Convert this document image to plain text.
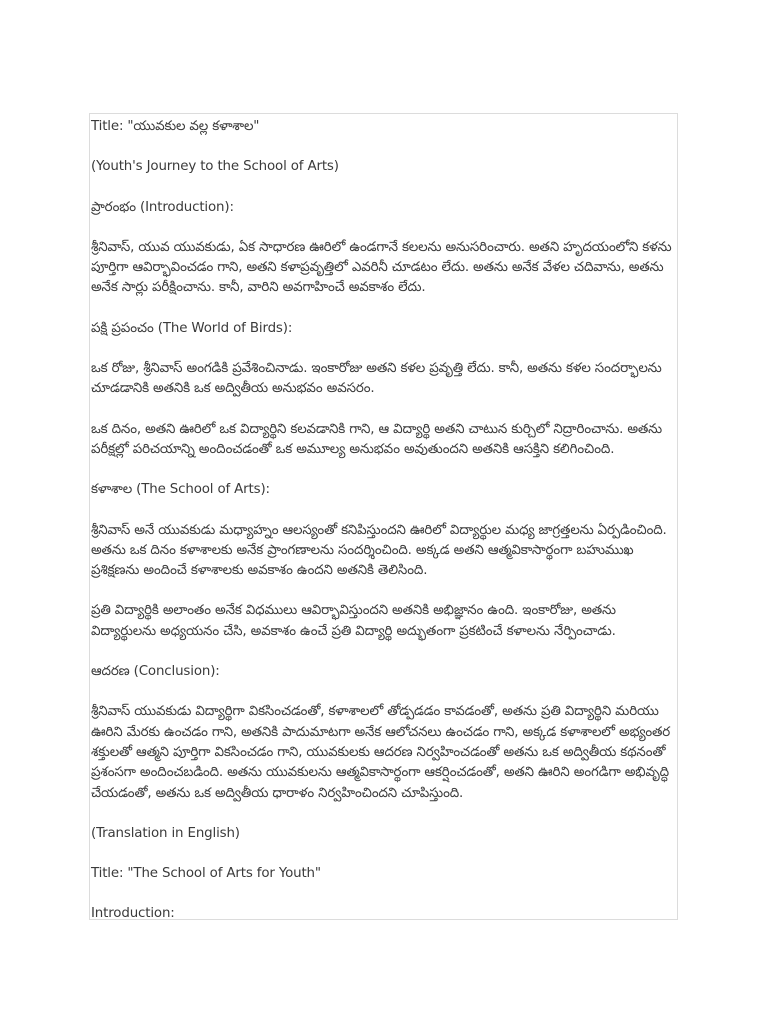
Title: "యువకుల వల్ల కళాశాల"

(Youth's Journey to the School of Arts)

ప్రారంభం (Introduction):

శ్రీనివాస్, యువ యువకుడు, ఏక సాధారణ ఊరిలో ఉండగానే కలలను అనుసరించారు. అతని హృదయంలోని కళను పూర్తిగా ఆవిర్భావించడం గాని, అతని కళాప్రవృత్తిలో ఎవరినీ చూడటం లేదు. అతను అనేక వేళల చదివాను, అతను అనేక సార్లు పరీక్షించాను. కానీ, వారిని అవగాహించే అవకాశం లేదు.

పక్షి ప్రపంచం (The World of Birds):

ఒక రోజు, శ్రీనివాస్ అంగడికి ప్రవేశించినాడు. ఇంకారోజు అతని కళల ప్రవృత్తి లేదు. కానీ, అతను కళల సందర్భాలను చూడడానికి అతనికి ఒక అద్వితీయ అనుభవం అవసరం.

ఒక దినం, అతని ఊరిలో ఒక విద్యార్థిని కలవడానికి గాని, ఆ విద్యార్థి అతని చాటున కుర్చిలో నిద్రారించాను. అతను పరీక్షల్లో పరిచయాన్ని అందించడంతో ఒక అమూల్య అనుభవం అవుతుందని అతనికి ఆసక్తిని కలిగించింది.

కళాశాల (The School of Arts):

శ్రీనివాస్ అనే యువకుడు మధ్యాహ్నం ఆలస్యంతో కనిపిస్తుందని ఊరిలో విద్యార్థుల మధ్య జాగ్రత్తలను ఏర్పడించింది. అతను ఒక దినం కళాశాలకు అనేక ప్రాంగణాలను సందర్శించింది. అక్కడ అతని ఆత్మవికాసార్థంగా బహుముఖ ప్రశిక్షణను అందించే కళాశాలకు అవకాశం ఉందని అతనికి తెలిసింది.

ప్రతి విద్యార్థికి అలాంతం అనేక విధములు ఆవిర్భావిస్తుందని అతనికి అభిజ్ఞానం ఉంది. ఇంకారోజు, అతను విద్యార్థులను అధ్యయనం చేసి, అవకాశం ఉంచే ప్రతి విద్యార్థి అద్భుతంగా ప్రకటించే కళాలను నేర్పించాడు.

ఆదరణ (Conclusion):

శ్రీనివాస్ యువకుడు విద్యార్థిగా వికసించడంతో, కళాశాలలో తోడ్పడడం కావడంతో, అతను ప్రతి విద్యార్థిని మరియు ఊరిని మేరకు ఉంచడం గాని, అతనికి పాదుమాటగా అనేక ఆలోచనలు ఉంచడం గాని, అక్కడ కళాశాలలో అభ్యంతర శక్తులతో ఆత్మని పూర్తిగా వికసించడం గాని, యువకులకు ఆదరణ నిర్వహించడంతో అతను ఒక అద్వితీయ కథనంతో ప్రశంసగా అందించబడింది. అతను యువకులను ఆత్మవికాసార్థంగా ఆకర్షించడంతో, అతని ఊరిని అంగడిగా అభివృద్ధి చేయడంతో, అతను ఒక అద్వితీయ ధారాళం నిర్వహించిందని చూపిస్తుంది.

(Translation in English)

Title: "The School of Arts for Youth"

Introduction:
